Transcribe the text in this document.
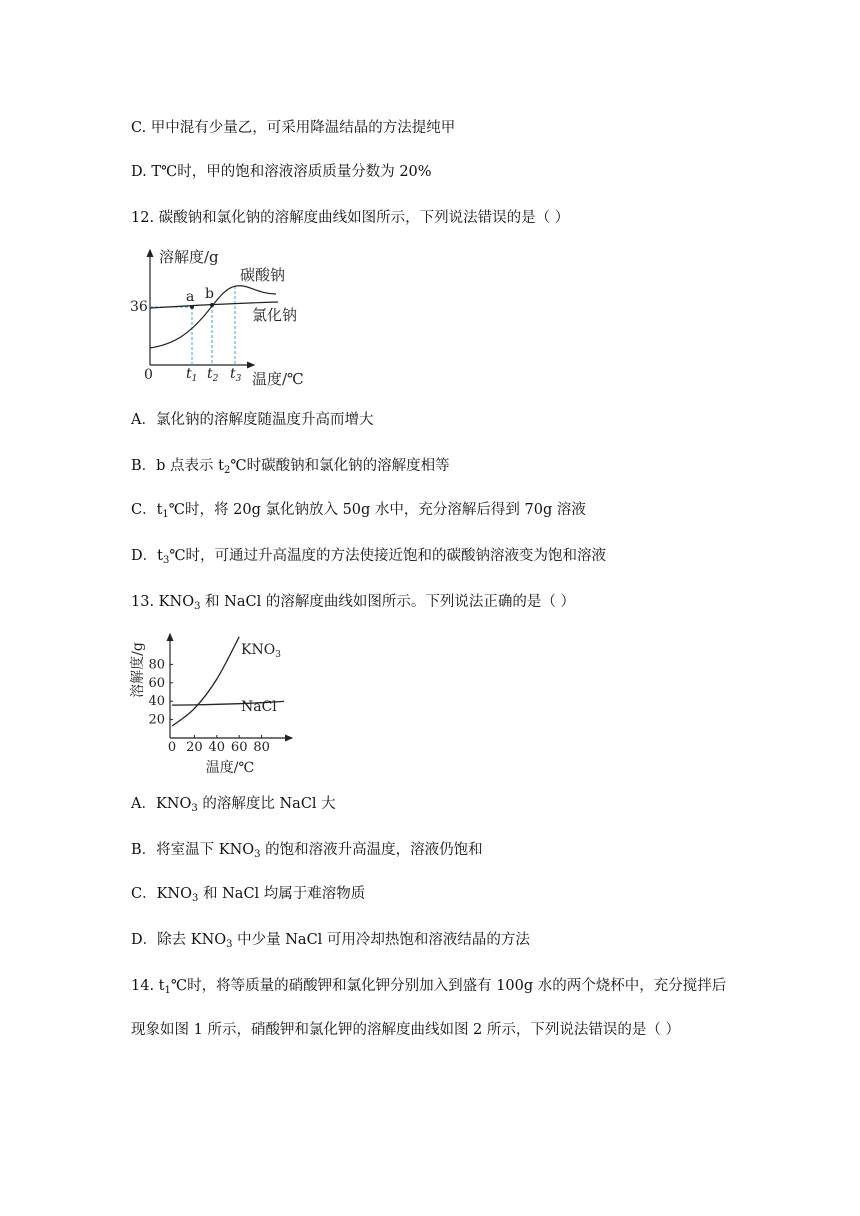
C. 甲中混有少量乙，可采用降温结晶的方法提纯甲
D. T℃时，甲的饱和溶液溶质质量分数为 20%
12. 碳酸钠和氯化钠的溶解度曲线如图所示，下列说法错误的是（ ）
a b
溶解度/g
36
0
碳酸钠
氯化钠
$t_1$ $t_2$ $t_3$ 温度/℃
A．氯化钠的溶解度随温度升高而增大
B．b 点表示 $t_2℃$时碳酸钠和氯化钠的溶解度相等
C．$t_1℃$时，将 20g 氯化钠放入 50g 水中，充分溶解后得到 70g 溶液
D．$t_3℃$时，可通过升高温度的方法使接近饱和的碳酸钠溶液变为饱和溶液
13. $KNO_3$ 和 NaCl 的溶解度曲线如图所示。下列说法正确的是（ ）
0 20 40 60 80
20
40
60
80
溶解度/g
温度/℃
$KNO_3$
NaCl
A．$KNO_3$ 的溶解度比 NaCl 大
B．将室温下 $KNO_3$ 的饱和溶液升高温度，溶液仍饱和
C．$KNO_3$ 和 NaCl 均属于难溶物质
D．除去 $KNO_3$ 中少量 NaCl 可用冷却热饱和溶液结晶的方法
14. $t_1℃$时，将等质量的硝酸钾和氯化钾分别加入到盛有 100g 水的两个烧杯中，充分搅拌后
现象如图 1 所示，硝酸钾和氯化钾的溶解度曲线如图 2 所示，下列说法错误的是（ ）
